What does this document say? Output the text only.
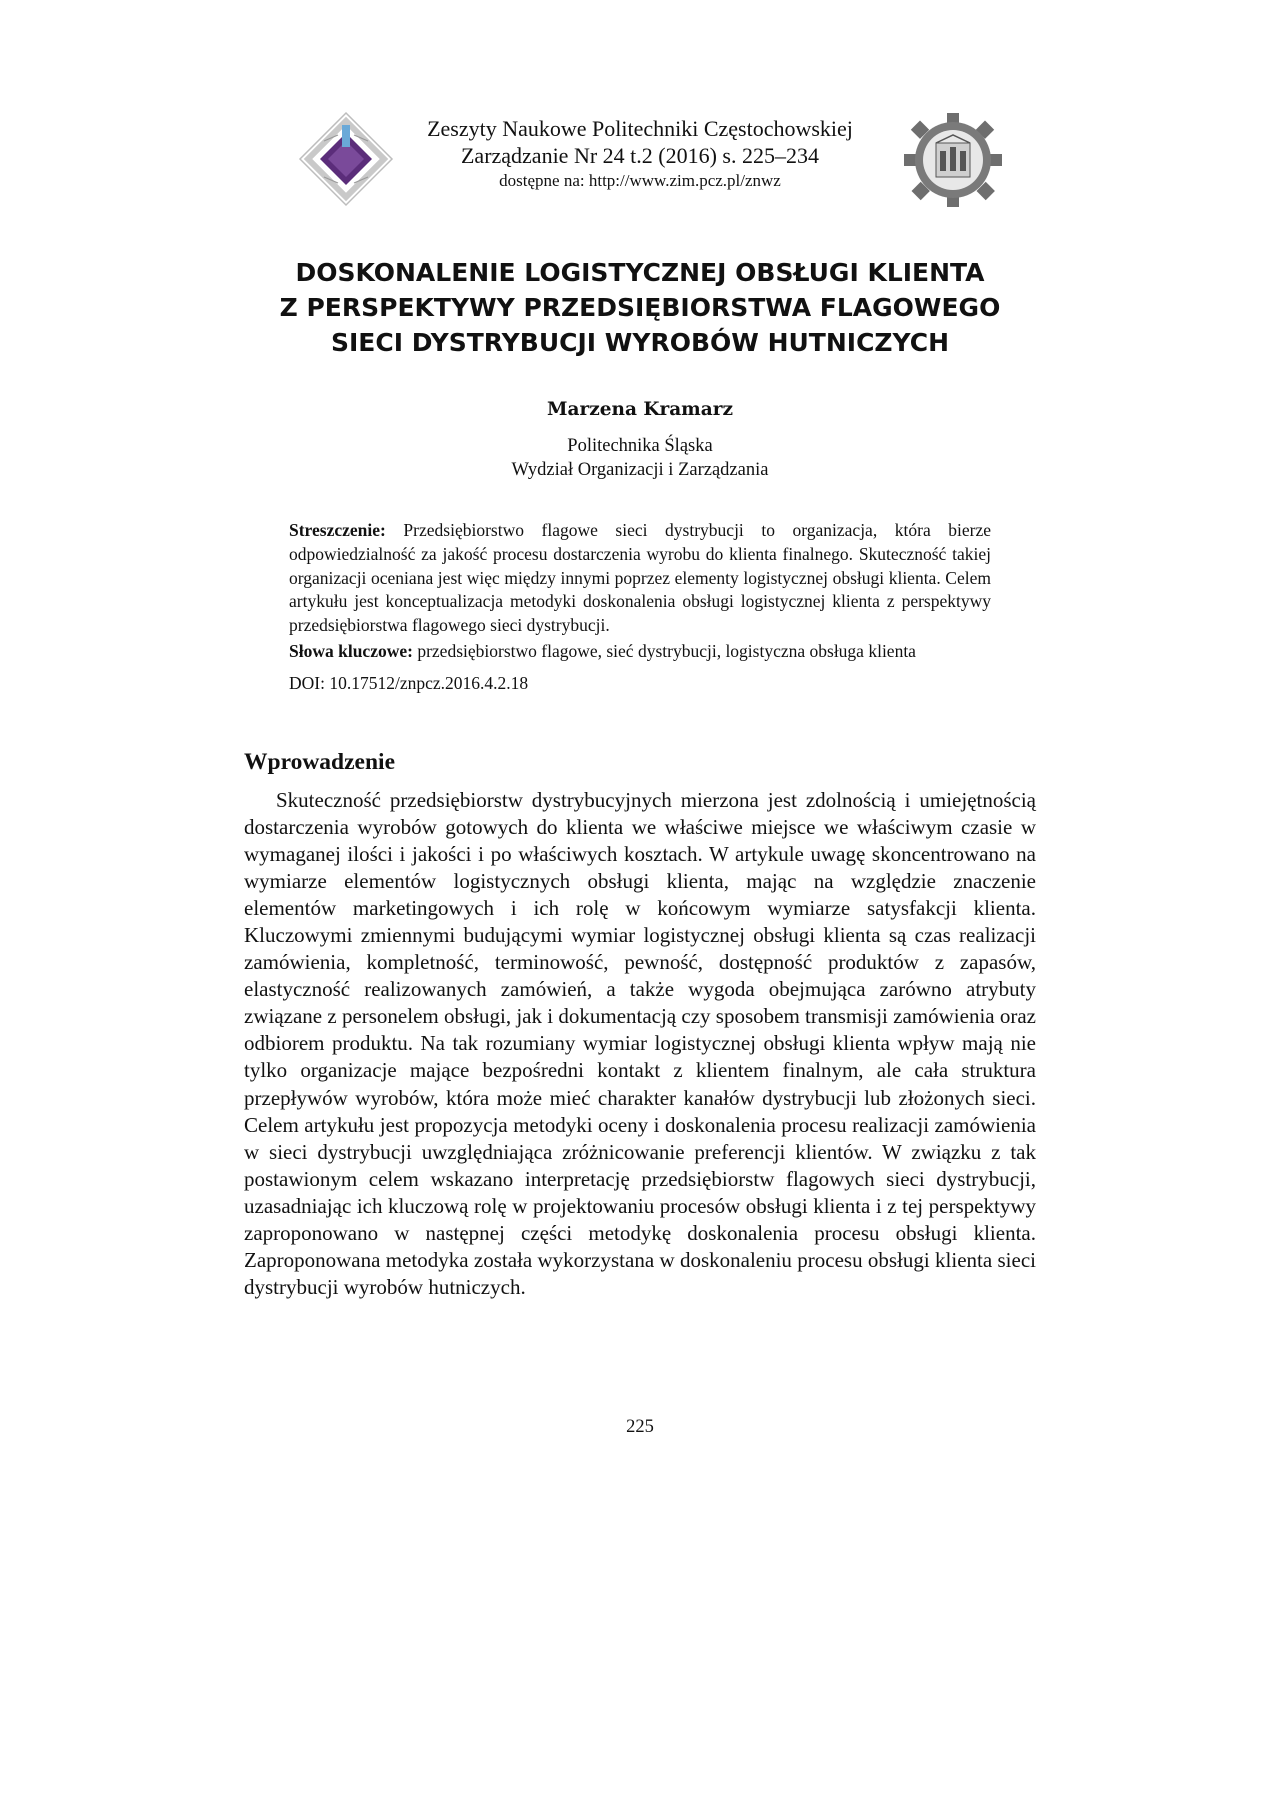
Zeszyty Naukowe Politechniki Częstochowskiej
Zarządzanie Nr 24 t.2 (2016) s. 225–234
dostępne na: http://www.zim.pcz.pl/znwz
DOSKONALENIE LOGISTYCZNEJ OBSŁUGI KLIENTA
Z PERSPEKTYWY PRZEDSIĘBIORSTWA FLAGOWEGO
SIECI DYSTRYBUCJI WYROBÓW HUTNICZYCH
Marzena Kramarz
Politechnika Śląska
Wydział Organizacji i Zarządzania
Streszczenie: Przedsiębiorstwo flagowe sieci dystrybucji to organizacja, która bierze odpowiedzialność za jakość procesu dostarczenia wyrobu do klienta finalnego. Skuteczność takiej organizacji oceniana jest więc między innymi poprzez elementy logistycznej obsługi klienta. Celem artykułu jest konceptualizacja metodyki doskonalenia obsługi logistycznej klienta z perspektywy przedsiębiorstwa flagowego sieci dystrybucji.
Słowa kluczowe: przedsiębiorstwo flagowe, sieć dystrybucji, logistyczna obsługa klienta
DOI: 10.17512/znpcz.2016.4.2.18
Wprowadzenie
Skuteczność przedsiębiorstw dystrybucyjnych mierzona jest zdolnością i umiejętnością dostarczenia wyrobów gotowych do klienta we właściwe miejsce we właściwym czasie w wymaganej ilości i jakości i po właściwych kosztach. W artykule uwagę skoncentrowano na wymiarze elementów logistycznych obsługi klienta, mając na względzie znaczenie elementów marketingowych i ich rolę w końcowym wymiarze satysfakcji klienta. Kluczowymi zmiennymi budującymi wymiar logistycznej obsługi klienta są czas realizacji zamówienia, kompletność, terminowość, pewność, dostępność produktów z zapasów, elastyczność realizowanych zamówień, a także wygoda obejmująca zarówno atrybuty związane z personelem obsługi, jak i dokumentacją czy sposobem transmisji zamówienia oraz odbiorem produktu. Na tak rozumiany wymiar logistycznej obsługi klienta wpływ mają nie tylko organizacje mające bezpośredni kontakt z klientem finalnym, ale cała struktura przepływów wyrobów, która może mieć charakter kanałów dystrybucji lub złożonych sieci. Celem artykułu jest propozycja metodyki oceny i doskonalenia procesu realizacji zamówienia w sieci dystrybucji uwzględniająca zróżnicowanie preferencji klientów. W związku z tak postawionym celem wskazano interpretację przedsiębiorstw flagowych sieci dystrybucji, uzasadniając ich kluczową rolę w projektowaniu procesów obsługi klienta i z tej perspektywy zaproponowano w następnej części metodykę doskonalenia procesu obsługi klienta. Zaproponowana metodyka została wykorzystana w doskonaleniu procesu obsługi klienta sieci dystrybucji wyrobów hutniczych.
225
